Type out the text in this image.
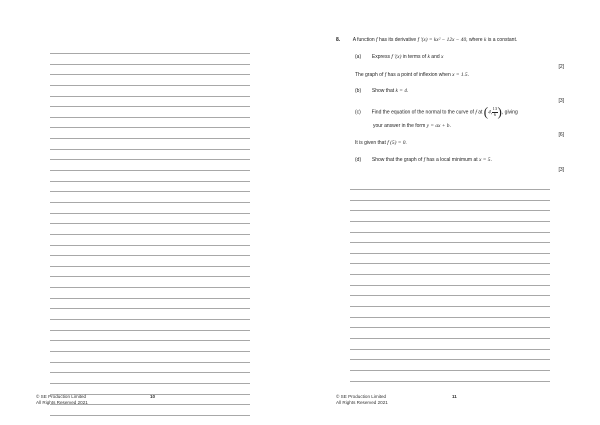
© SE Production Limited
All Rights Reserved 2021
10
8.	A function f has its derivative f ′(x) = kx² − 12x − 40, where k is a constant.
(a) Express f ′(x) in terms of k and x
[2]
The graph of f has a point of inflexion when x = 1.5.
(b) Show that k = 4.
[3]
(c) Find the equation of the normal to the curve of f at (4, $\frac{13}{6}$ ), giving
your answer in the form y = ax + b.
[6]
It is given that f (5) = 0.
(d) Show that the graph of f has a local minimum at x = 5.
[3]
© SE Production Limited
All Rights Reserved 2021
11
